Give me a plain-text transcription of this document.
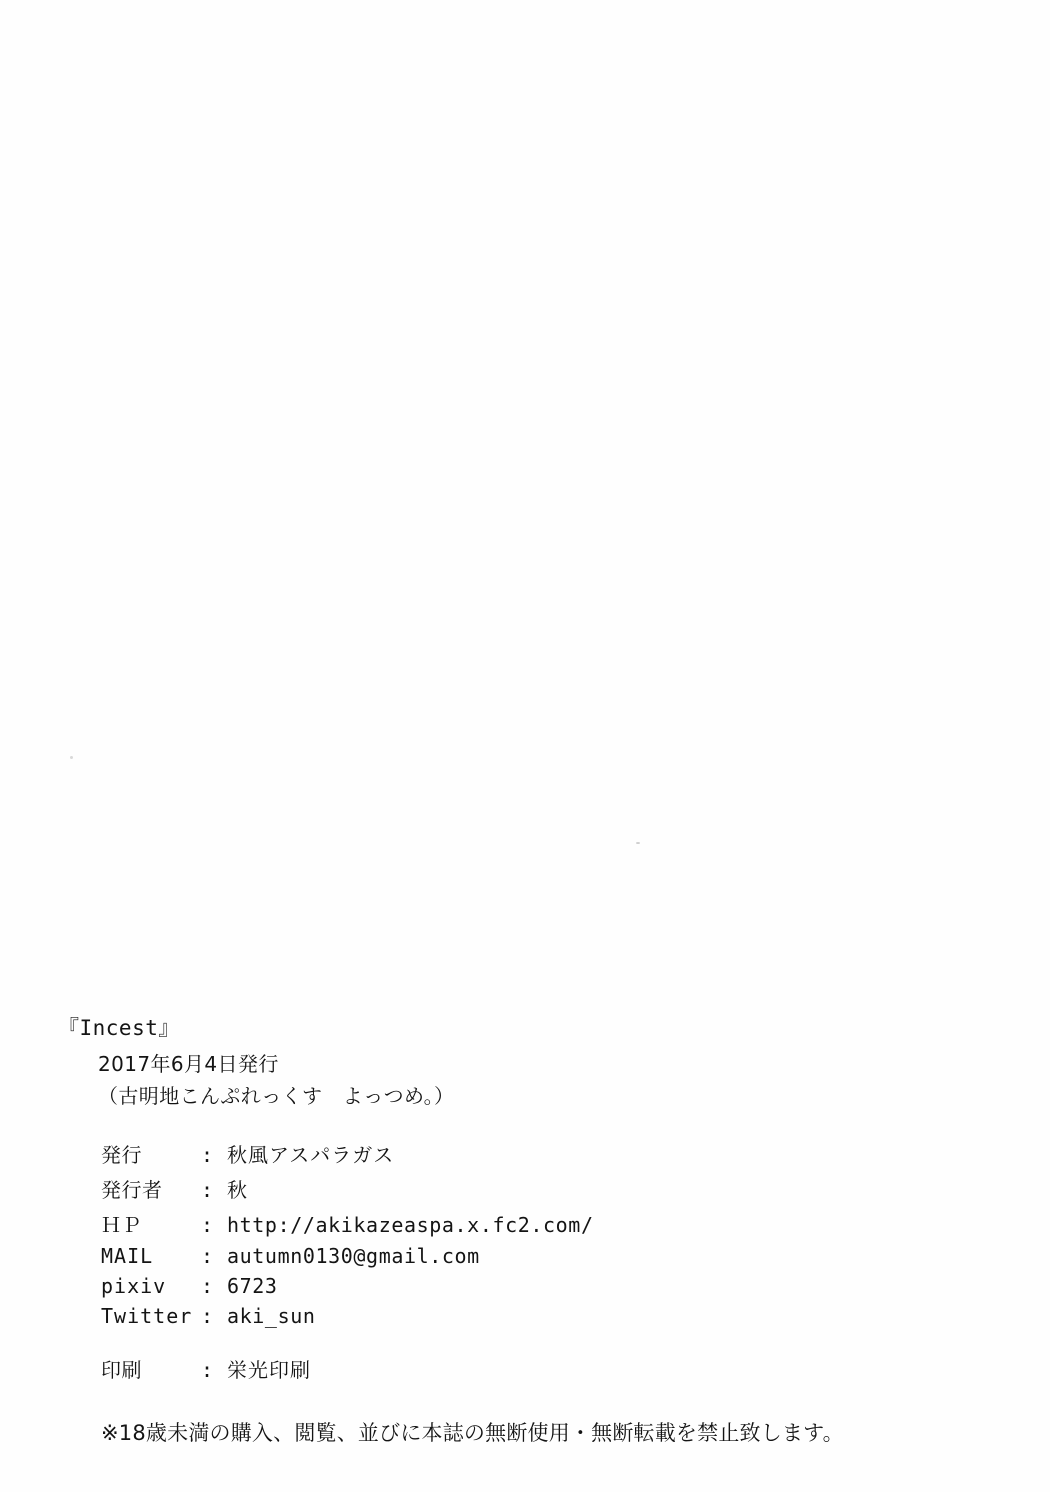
『Incest』
2017年6月4日発行
（古明地こんぷれっくす　よっつめ。）
発行	: 秋風アスパラガス
発行者	: 秋
ＨＰ	: http://akikazeaspa.x.fc2.com/
MAIL	: autumn0130@gmail.com
pixiv	: 6723
Twitter : aki_sun
印刷	: 栄光印刷
※18歳未満の購入、閲覧、並びに本誌の無断使用・無断転載を禁止致します。
